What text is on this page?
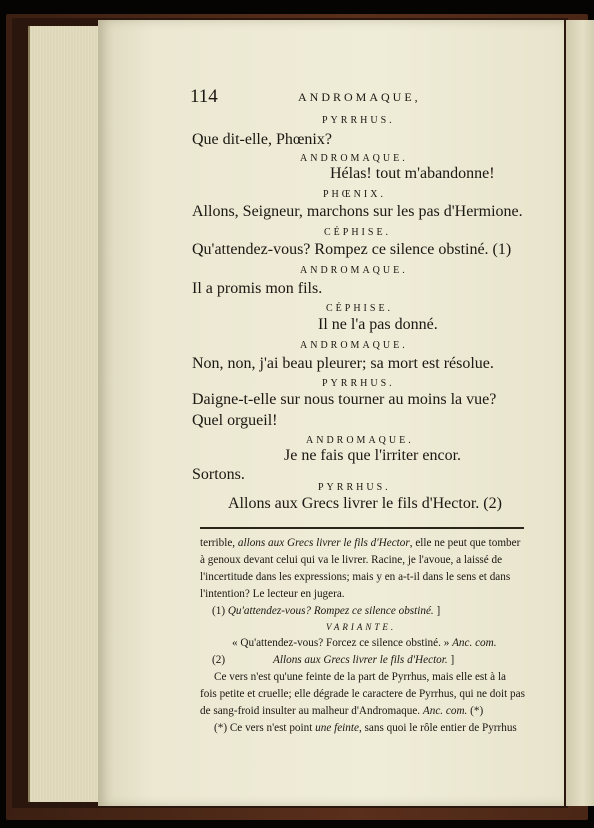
114	ANDROMAQUE,
PYRRHUS.
Que dit-elle, Phœnix?
ANDROMAQUE.
Hélas! tout m'abandonne!
PHŒNIX.
Allons, Seigneur, marchons sur les pas d'Hermione.
CÉPHISE.
Qu'attendez-vous? Rompez ce silence obstiné. (1)
ANDROMAQUE.
Il a promis mon fils.
CÉPHISE.
Il ne l'a pas donné.
ANDROMAQUE.
Non, non, j'ai beau pleurer; sa mort est résolue.
PYRRHUS.
Daigne-t-elle sur nous tourner au moins la vue?
Quel orgueil!
ANDROMAQUE.
Je ne fais que l'irriter encor.
Sortons.
PYRRHUS.
Allons aux Grecs livrer le fils d'Hector. (2)
terrible, allons aux Grecs livrer le fils d'Hector, elle ne peut que tomber
à genoux devant celui qui va le livrer. Racine, je l'avoue, a laissé de
l'incertitude dans les expressions; mais y en a-t-il dans le sens et dans
l'intention? Le lecteur en jugera.
(1) Qu'attendez-vous? Rompez ce silence obstiné. ]
VARIANTE.
« Qu'attendez-vous? Forcez ce silence obstiné. » Anc. com.
(2)	Allons aux Grecs livrer le fils d'Hector. ]
Ce vers n'est qu'une feinte de la part de Pyrrhus, mais elle est à la
fois petite et cruelle; elle dégrade le caractere de Pyrrhus, qui ne doit pas
de sang-froid insulter au malheur d'Andromaque. Anc. com. (*)
(*) Ce vers n'est point une feinte, sans quoi le rôle entier de Pyrrhus
